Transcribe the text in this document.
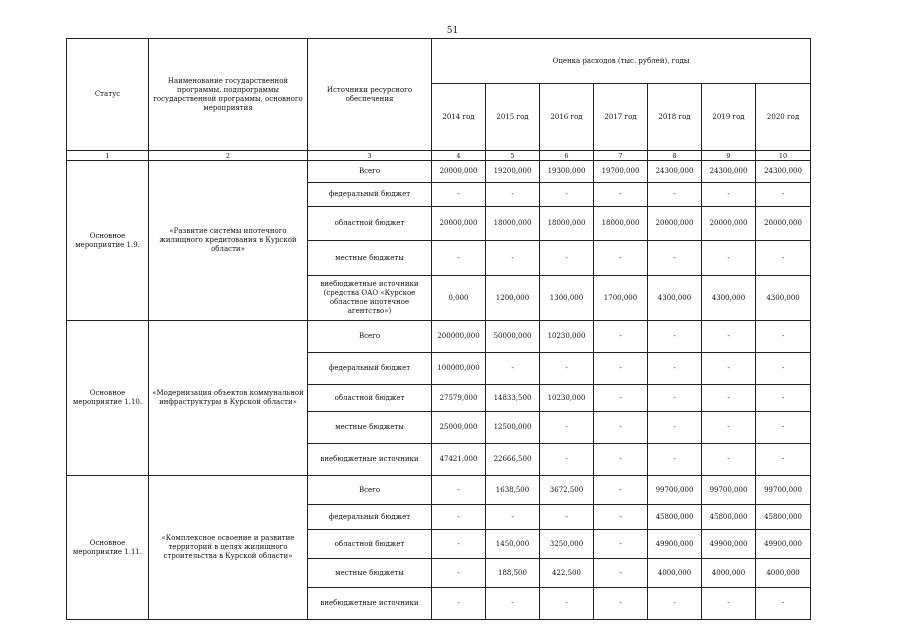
51
Статус	Наименование государственной программы, подпрограммы государственной программы, основного мероприятия	Источники ресурсного обеспечения	Оценка расходов (тыс. рублей), годы						
			2014 год	2015 год	2016 год	2017 год	2018 год	2019 год	2020 год
1	2	3	4	5	6	7	8	9	10
Основное мероприятие 1.9.	«Развитие системы ипотечного жилищного кредитования в Курской области»	Всего	20000,000	19200,000	19300,000	19700,000	24300,000	24300,000	24300,000
		федеральный бюджет	-	-	-	-	-	-	-
		областной бюджет	20000,000	18000,000	18000,000	18000,000	20000,000	20000,000	20000,000
		местные бюджеты	-	-	-	-	-	-	-
		внебюджетные источники (средства ОАО «Курское областное ипотечное агентство»)	0,000	1200,000	1300,000	1700,000	4300,000	4300,000	4300,000
Основное мероприятие 1.10.	«Модернизация объектов коммунальной инфраструктуры в Курской области»	Всего	200000,000	50000,000	10230,000	-	-	-	-
		федеральный бюджет	100000,000	-	-	-	-	-	-
		областной бюджет	27579,000	14833,500	10230,000	-	-	-	-
		местные бюджеты	25000,000	12500,000	-	-	-	-	-
		внебюджетные источники	47421,000	22666,500	-	-	-	-	-
Основное мероприятие 1.11.	«Комплексное освоение и развитие территорий в целях жилищного строительства в Курской области»	Всего	-	1638,500	3672,500	-	99700,000	99700,000	99700,000
		федеральный бюджет	-	-	-	-	45800,000	45800,000	45800,000
		областной бюджет	-	1450,000	3250,000	-	49900,000	49900,000	49900,000
		местные бюджеты	-	188,500	422,500	-	4000,000	4000,000	4000,000
		внебюджетные источники	-	-	-	-	-	-	-
